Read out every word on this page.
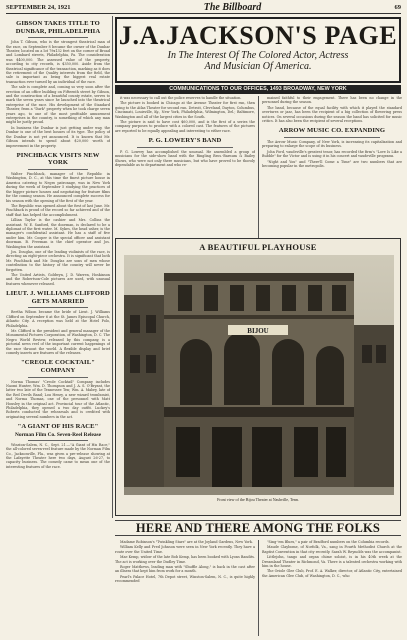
SEPTEMBER 24, 1921	The Billboard	69
GIBSON TAKES TITLE TO DUNBAR, PHILADELPHIA

John T. Gibson, who is the strongest theatrical man of the race, on September 8 became the owner of the Dunbar Theater, located on a lot 79x132 feet on the corner of Broad and Lombard streets, Philadelphia, Pa. The consideration was $400,000. The assessed value of the property, according to city records, is $350,000. Aside from the theatrical significance of the transaction, marking as it does the retirement of the Quality interests from the field, the sale is important as being the biggest real estate transaction ever turned by an individual of the race.

The sale is complete and, coming so very soon after the erection of an office building on Fifteenth street by Gibson, and the construction of a beautiful county estate, serves to mark the seven years since he launched into the theatrical enterprise of the race. His development of the Standard Theater, from a "Dark" property when he took charge seven years ago, to one of the most profitable amusement enterprises in the country, is something of which any man might be justly proud.

In business the Dunbar is just getting under way, the Dunbar is one of the best houses of its type. The policy of the Dunbar is not yet announced. It is known that Mr. Gibson intends to spend about $20,000 worth of improvement in the property.

PINCHBACK VISITS NEW YORK

Walter Pinchback, manager of the Republic in Washington, D. C., at this time the finest picture house in America catering to Negro patronage, was in New York during the week of September 5 studying the practices of the bigger picture houses and negotiating for feature films for the coming season. He announced complete success for his season with the opening of the first of the year.

The Republic was opened about the first of last June. Mr. Pinchback is proud of the record so far achieved and of the staff that has helped the accomplishment.

Lillian Taylor is the cashier and Mrs. Collins the assistant. W. E. Sanford, the doorman, is declared to be a diplomat of the first water. M. Sykes, the head usher, is the manager's confidential assistant. He has a staff of five under him. Mr. Cooper is the special officer and assistant doorman. B. Freeman is the chief operator and Jos. Washington the assistant.

Jos. Douglas, one of the leading violinists of the race, is directing an eight-piece orchestra. It is significant that both Mr. Pinchback and Mr. Douglas are sons of men whose contribution to the history of the country will never be forgotten.

The United Artists, Goldwyn, J. D. Warren, Hoskinson and the Robertson-Cole pictures are used, with unusual features whenever released.

LIEUT. J. WILLIAMS CLIFFORD GETS MARRIED

Bertha Wilson became the bride of Lieut. J. Williams Clifford on September 6 at the St. James Episcopal Church, Atlantic City. A reception was held at the Hotel Polo, Philadelphia.

Mr. Clifford is the president and general manager of the Monumental Pictures Corporation, of Washington, D. C. The Negro World Review, released by this company, is a pictorial news reel of the important current happenings of the race thruout the world. A flexible display and brief comedy inserts are features of the releases.

"CREOLE COCKTAIL" COMPANY

Norma Thomas' "Creole Cocktail" Company includes Naomi Hunter, Wm. D. Thompson and J. A. S. O'Bryant, the latter two late of the Tennessee Ten; Wm. A. Mabry, late of the Red Devils Band; Lou Henry, a new wizard trombonist, and Norma Thomas, one of the personnel with Matt Housley in the original act. Provincial tour of the Atlantic, Philadelphia, they opened a two day outfit. Luckey's Roberts conducted the rehearsals and is credited with originating several numbers in the act.

"A GIANT OF HIS RACE"
Norman Film Co. Seven-Reel Release

Winston-Salem, N. C., Sept. 21.—"A Giant of His Race," the all-colored seven-reel feature made by the Norman Film Co., Jacksonville, Fla., was given a pre-release showing at the Lafayette Theater here two days, August 26-27, to capacity business. The comedy came to mean one of the interesting features of the race.

J.A.JACKSON'S PAGE
In The Interest Of The Colored Actor, Actress
And Musician Of America.
COMMUNICATIONS TO OUR OFFICES, 1493 BROADWAY, NEW YORK

it was necessary to call out the police reserves to handle the situation.

The picture is booked in Chicago at the Avenue Theater for first run, then going to the Atlas Theater for second run. Detroit, Cleveland, Dayton, Columbus, Cincinnati, Louisville, Ky., New York, Philadelphia, Wilmington, Del.; Baltimore, Washington and all of the largest cities in the South.

The picture is said to have cost $60,000, and is the first of a series the company purposes to produce with a colored cast. The features of the pictures are reported to be equally appealing and interesting to either race.

P. G. LOWERY'S BAND

P. G. Lowery has accomplished the unusual. He assembled a group of musicians for the side-show band with the Ringling Bros.-Barnum & Bailey Shows, who were not only there musicians, but who have proved to be thoroly dependable as to department and who re-

mained faithful to their engagement. There has been no change in the personnel during the season.

The band, because of the equal facility with which it played the standard overtures or jazz, has been the recipient of a big collection of flowering press notices. On several occasions during the season the band has solicited for music critics. It has also been the recipient of several receptions.

ARROW MUSIC CO. EXPANDING

The Arrow Music Company, of New York, is increasing its capitalization and preparing to enlarge the scope of its business.

John Ford, vaudeville's greatest tenor, has recorded the firm's "Love Is Like a Bubble" for the Victor and is using it in his concert and vaudeville programs.

"Night and You" and "There'll Come a Time" are two numbers that are becoming popular in the metropolis.

A BEAUTIFUL PLAYHOUSE
BIJOU
Front view of the Bijou Theater at Nashville, Tenn.
HERE AND THERE AMONG THE FOLKS

Madame Robinson's "Twinkling Stars" are at the Joyland Gardens, New York.

William Kelly and Fred Johnson were seen in New York recently. They have a route over the United Time.

Mae Kemp, widow of the late Bob Kemp, has been booked with Lyons Bandits. The act is working over the Dudley Time.

Roger Matthews, leading man with "Shuffle Along," is back in the cast after an illness that kept him from work for a month.

Pearl's Palace Hotel, 7th Depot street, Winston-Salem, N. C., is quite highly recommended

"Sing-'em Blues," a pair of Bradford numbers on the Columbia records.

Maude Claybome, of Norfolk, Va., sang in Fourth Methodist Church at the Baptist Convention in that city recently. Sarah W. Reynolds was the accompanist.

Littlejohn, tango and organ chime soloist, is in his 40th week at the Dreamland Theater in Richmond, Va. There is a talented orchestra working with him in the house.

The Oriole Glee Club, Prof. E. A. Walker, director, of Atlantic City, entertained the American Glee Club, of Washington, D. C., who
